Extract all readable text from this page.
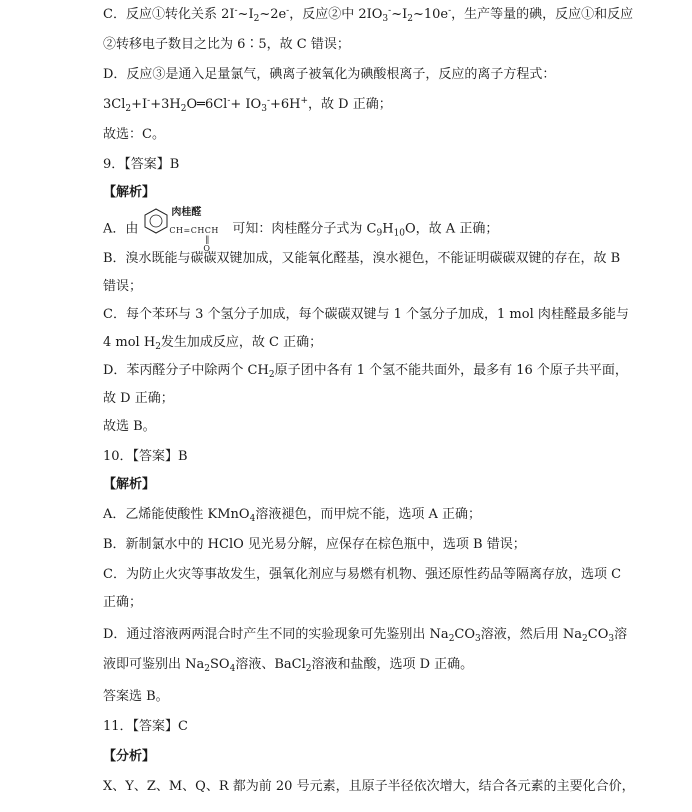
C．反应①转化关系 $2I^-\sim I_2\sim 2e^-$，反应②中 $2IO_3^-\sim I_2\sim 10e^-$，生产等量的碘，反应①和反应
②转移电子数目之比为 6∶5，故 C 错误；
D．反应③是通入足量氯气，碘离子被氧化为碘酸根离子，反应的离子方程式：
$3Cl_2+I^-+3H_2O═6Cl^-+ IO_3^-+6H^+$，故 D 正确；
故选：C。
9．【答案】B
【解析】
A．由
肉桂醛
CH=CHCH
‖
O
可知：肉桂醛分子式为 $C_9H_{10}O$，故 A 正确；
B．溴水既能与碳碳双键加成，又能氧化醛基，溴水褪色，不能证明碳碳双键的存在，故 B
错误；
C．每个苯环与 3 个氢分子加成，每个碳碳双键与 1 个氢分子加成，1 mol 肉桂醛最多能与
4 mol $H_2$发生加成反应，故 C 正确；
D．苯丙醛分子中除两个 $CH_2$原子团中各有 1 个氢不能共面外，最多有 16 个原子共平面，
故 D 正确；
故选 B。
10．【答案】B
【解析】
A．乙烯能使酸性 KMnO$_4$溶液褪色，而甲烷不能，选项 A 正确；
B．新制氯水中的 HClO 见光易分解，应保存在棕色瓶中，选项 B 错误；
C．为防止火灾等事故发生，强氧化剂应与易燃有机物、强还原性药品等隔离存放，选项 C
正确；
D．通过溶液两两混合时产生不同的实验现象可先鉴别出 $Na_2CO_3$溶液，然后用 $Na_2CO_3$溶
液即可鉴别出 $Na_2SO_4$溶液、BaCl$_2$溶液和盐酸，选项 D 正确。
答案选 B。
11．【答案】C
【分析】
X、Y、Z、M、Q、R 都为前 20 号元素，且原子半径依次增大，结合各元素的主要化合价，
